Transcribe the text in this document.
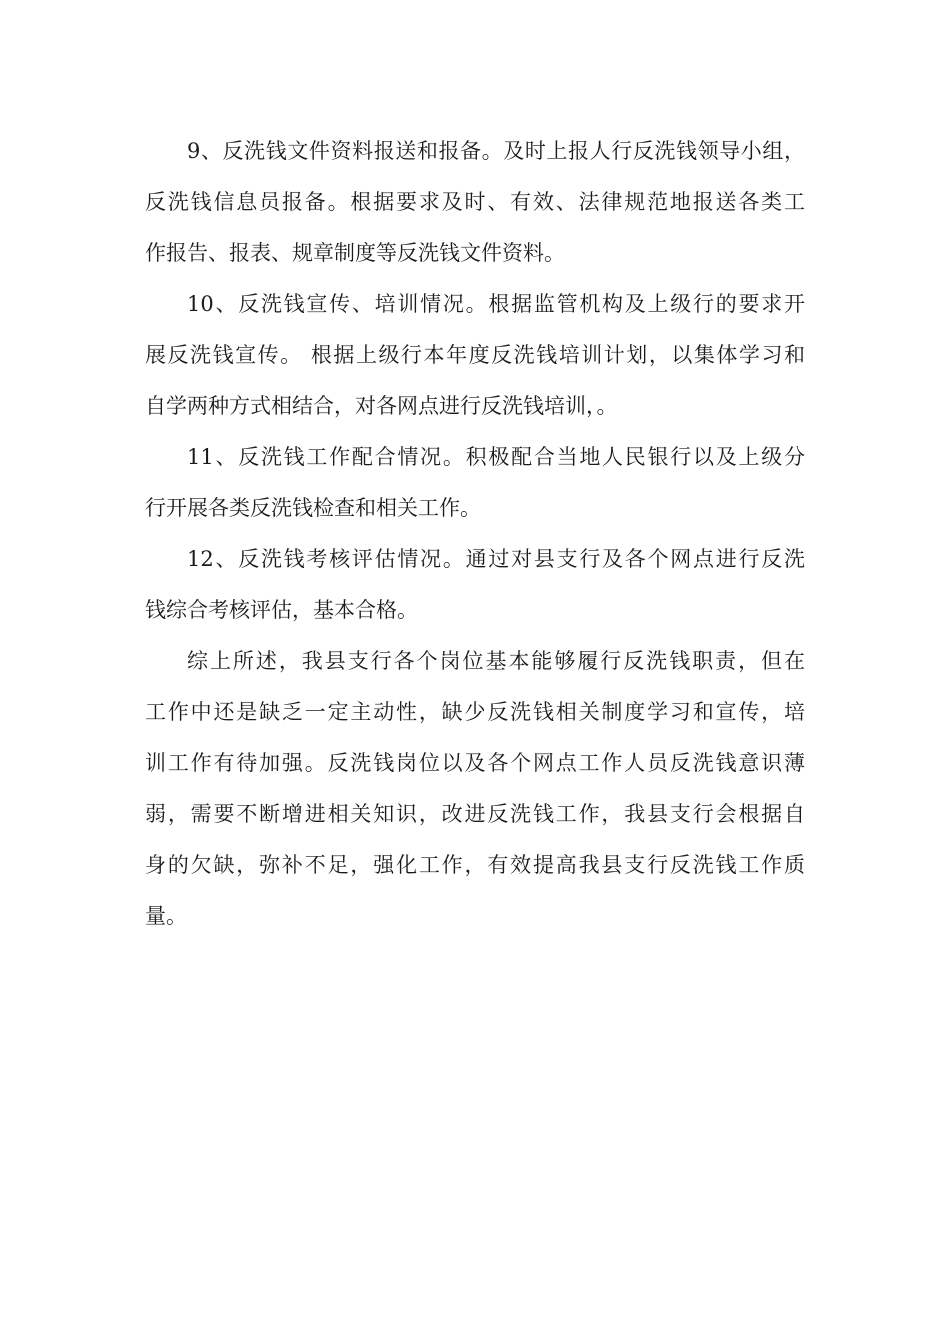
9、反洗钱文件资料报送和报备。及时上报人行反洗钱领导小组，
反洗钱信息员报备。根据要求及时、有效、法律规范地报送各类工
作报告、报表、规章制度等反洗钱文件资料。
10、反洗钱宣传、培训情况。根据监管机构及上级行的要求开
展反洗钱宣传。 根据上级行本年度反洗钱培训计划，以集体学习和
自学两种方式相结合，对各网点进行反洗钱培训，。
11、反洗钱工作配合情况。积极配合当地人民银行以及上级分
行开展各类反洗钱检查和相关工作。
12、反洗钱考核评估情况。通过对县支行及各个网点进行反洗
钱综合考核评估，基本合格。
综上所述，我县支行各个岗位基本能够履行反洗钱职责，但在
工作中还是缺乏一定主动性，缺少反洗钱相关制度学习和宣传，培
训工作有待加强。反洗钱岗位以及各个网点工作人员反洗钱意识薄
弱，需要不断增进相关知识，改进反洗钱工作，我县支行会根据自
身的欠缺，弥补不足，强化工作，有效提高我县支行反洗钱工作质
量。
